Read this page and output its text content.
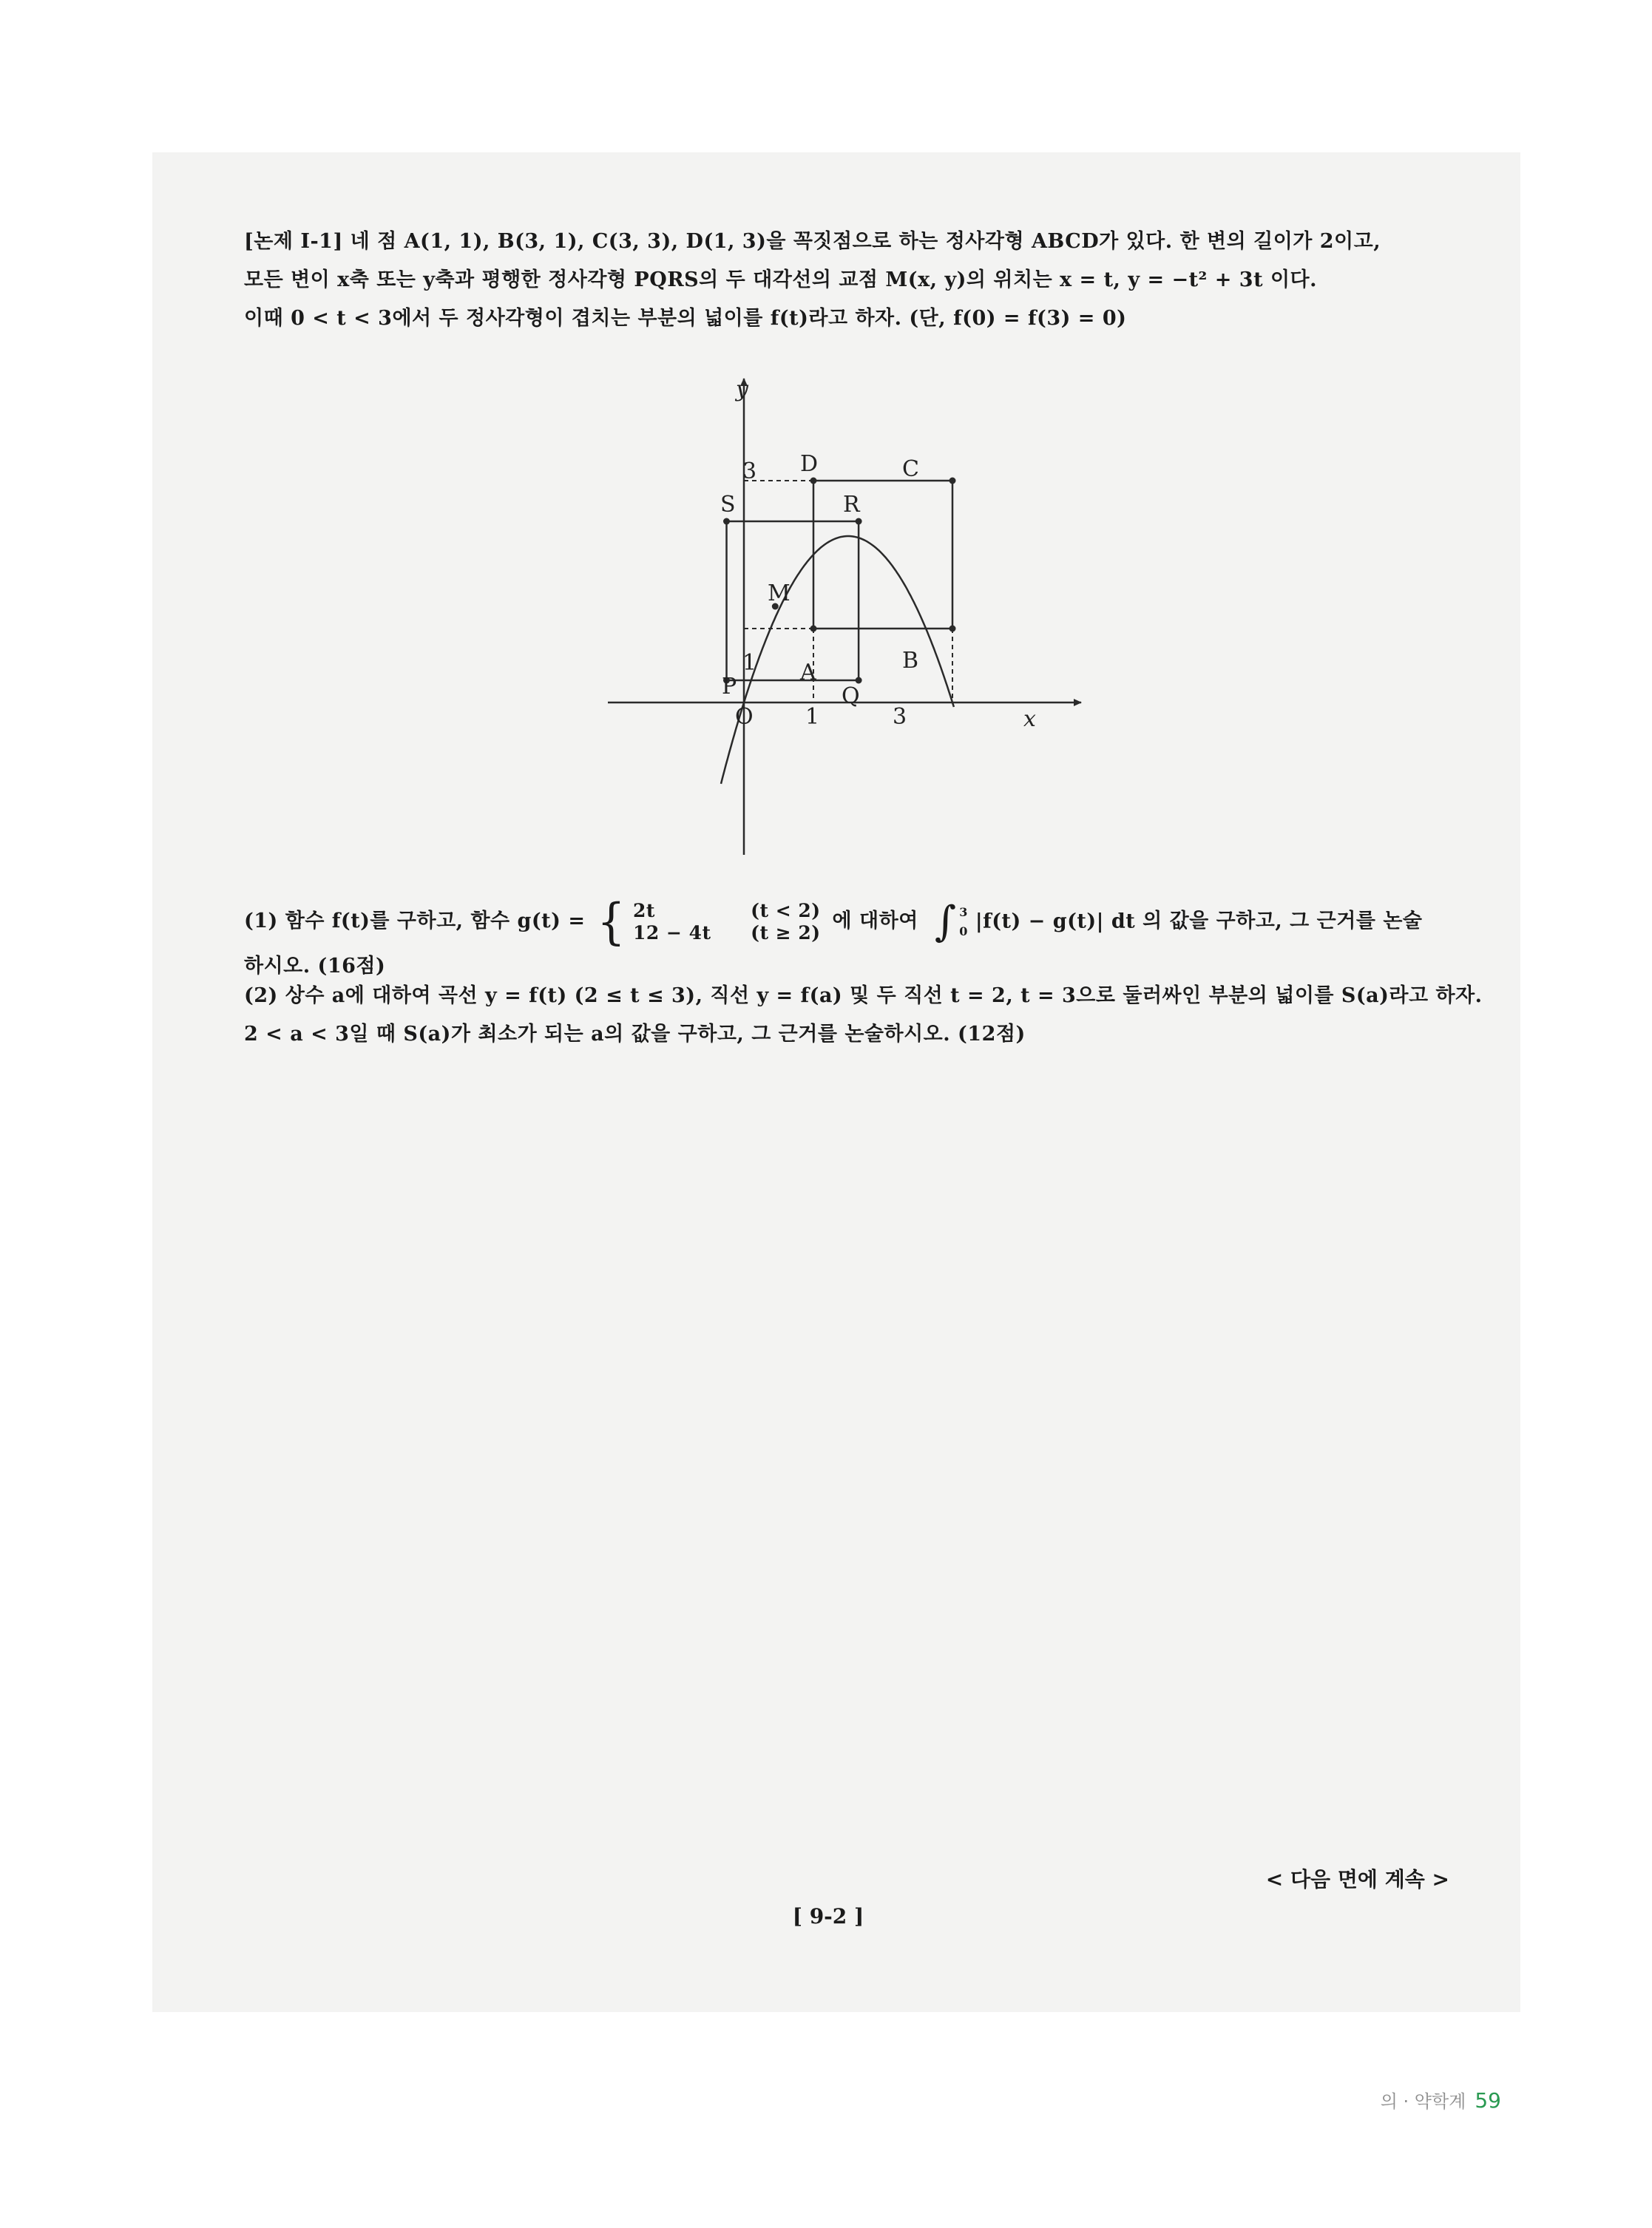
[논제 Ⅰ-1] 네 점 A(1, 1), B(3, 1), C(3, 3), D(1, 3)을 꼭짓점으로 하는 정사각형 ABCD가 있다. 한 변의 길이가 2이고,
모든 변이 x축 또는 y축과 평행한 정사각형 PQRS의 두 대각선의 교점 M(x, y)의 위치는 x = t, y = −t² + 3t 이다.
이때 0 < t < 3에서 두 정사각형이 겹치는 부분의 넓이를 f(t)라고 하자. (단, f(0) = f(3) = 0)
y
x
O 1	3
1
3
A	B
C
D
P	Q
R
S
M
(1) 함수 f(t)를 구하고, 함수 g(t) = { 2t	(t < 2)
12 − 4t (t ≥ 2)
에 대하여 ∫ 3
0 |f(t) − g(t)| dt 의 값을 구하고, 그 근거를 논술하시오. (16점)
(2) 상수 a에 대하여 곡선 y = f(t) (2 ≤ t ≤ 3), 직선 y = f(a) 및 두 직선 t = 2, t = 3으로 둘러싸인 부분의 넓이를 S(a)라고 하자.
2 < a < 3일 때 S(a)가 최소가 되는 a의 값을 구하고, 그 근거를 논술하시오. (12점)
< 다음 면에 계속 >
[ 9-2 ]
의 · 약학계 59
